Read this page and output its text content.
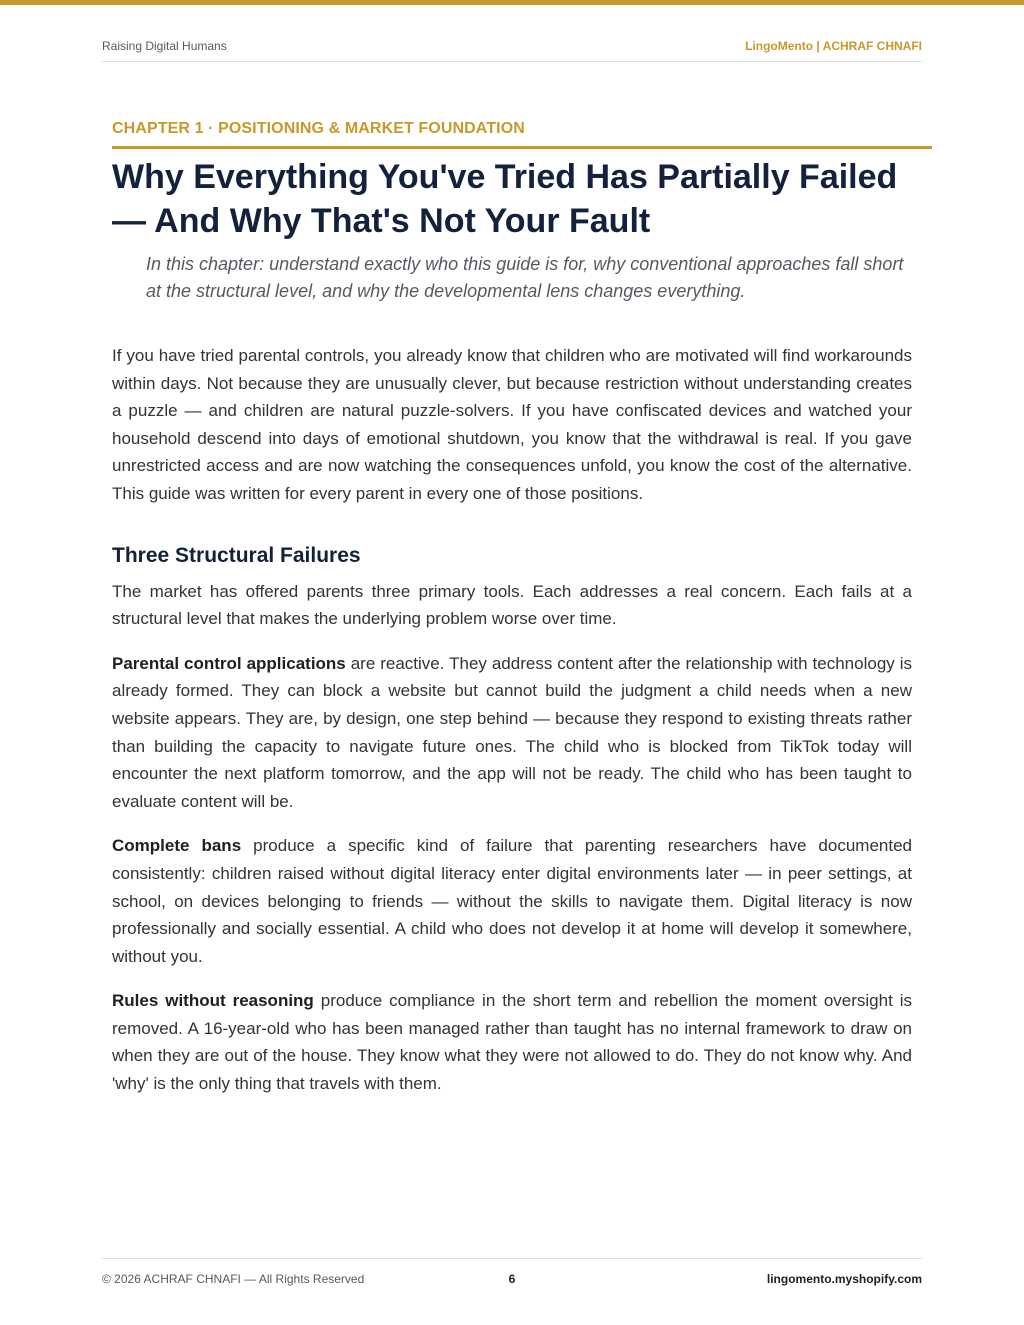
Raising Digital Humans	LingoMento | ACHRAF CHNAFI
CHAPTER 1 · POSITIONING & MARKET FOUNDATION
Why Everything You've Tried Has Partially Failed — And Why That's Not Your Fault

In this chapter: understand exactly who this guide is for, why conventional approaches fall short at the structural level, and why the developmental lens changes everything.

If you have tried parental controls, you already know that children who are motivated will find workarounds within days. Not because they are unusually clever, but because restriction without understanding creates a puzzle — and children are natural puzzle-solvers. If you have confiscated devices and watched your household descend into days of emotional shutdown, you know that the withdrawal is real. If you gave unrestricted access and are now watching the consequences unfold, you know the cost of the alternative. This guide was written for every parent in every one of those positions.

Three Structural Failures

The market has offered parents three primary tools. Each addresses a real concern. Each fails at a structural level that makes the underlying problem worse over time.

Parental control applications are reactive. They address content after the relationship with technology is already formed. They can block a website but cannot build the judgment a child needs when a new website appears. They are, by design, one step behind — because they respond to existing threats rather than building the capacity to navigate future ones. The child who is blocked from TikTok today will encounter the next platform tomorrow, and the app will not be ready. The child who has been taught to evaluate content will be.

Complete bans produce a specific kind of failure that parenting researchers have documented consistently: children raised without digital literacy enter digital environments later — in peer settings, at school, on devices belonging to friends — without the skills to navigate them. Digital literacy is now professionally and socially essential. A child who does not develop it at home will develop it somewhere, without you.

Rules without reasoning produce compliance in the short term and rebellion the moment oversight is removed. A 16-year-old who has been managed rather than taught has no internal framework to draw on when they are out of the house. They know what they were not allowed to do. They do not know why. And 'why' is the only thing that travels with them.

© 2026 ACHRAF CHNAFI — All Rights Reserved	6	lingomento.myshopify.com
